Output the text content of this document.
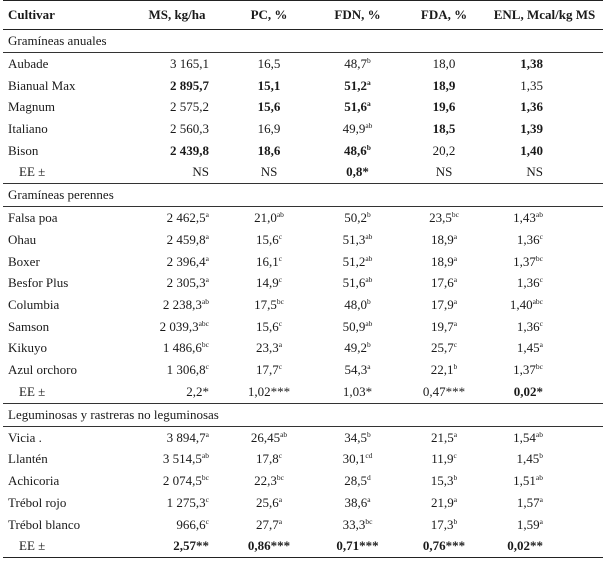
Cultivar	MS, kg/ha	PC, %	FDN, %	FDA, %	ENL, Mcal/kg MS
Gramíneas anuales					
Aubade	3 165,1	16,5	48,7$^b$	18,0	1,38
Bianual Max	2 895,7	15,1	51,2$^a$	18,9	1,35
Magnum	2 575,2	15,6	51,6$^a$	19,6	1,36
Italiano	2 560,3	16,9	49,9$^{ab}$	18,5	1,39
Bison	2 439,8	18,6	48,6$^b$	20,2	1,40
EE ±	NS	NS	0,8*	NS	NS
Gramíneas perennes					
Falsa poa	2 462,5$^a$	21,0$^{ab}$	50,2$^b$	23,5$^{bc}$	1,43$^{ab}$
Ohau	2 459,8$^a$	15,6$^c$	51,3$^{ab}$	18,9$^a$	1,36$^c$
Boxer	2 396,4$^a$	16,1$^c$	51,2$^{ab}$	18,9$^a$	1,37$^{bc}$
Besfor Plus	2 305,3$^a$	14,9$^c$	51,6$^{ab}$	17,6$^a$	1,36$^c$
Columbia	2 238,3$^{ab}$	17,5$^{bc}$	48,0$^b$	17,9$^a$	1,40$^{abc}$
Samson	2 039,3$^{abc}$	15,6$^c$	50,9$^{ab}$	19,7$^a$	1,36$^c$
Kikuyo	1 486,6$^{bc}$	23,3$^a$	49,2$^b$	25,7$^c$	1,45$^a$
Azul orchoro	1 306,8$^c$	17,7$^c$	54,3$^a$	22,1$^b$	1,37$^{bc}$
EE ±	2,2*	1,02***	1,03*	0,47***	0,02*
Leguminosas y rastreras no leguminosas					
Vicia .	3 894,7$^a$	26,45$^{ab}$	34,5$^b$	21,5$^a$	1,54$^{ab}$
Llantén	3 514,5$^{ab}$	17,8$^c$	30,1$^{cd}$	11,9$^c$	1,45$^b$
Achicoria	2 074,5$^{bc}$	22,3$^{bc}$	28,5$^d$	15,3$^b$	1,51$^{ab}$
Trébol rojo	1 275,3$^c$	25,6$^a$	38,6$^a$	21,9$^a$	1,57$^a$
Trébol blanco	966,6$^c$	27,7$^a$	33,3$^{bc}$	17,3$^b$	1,59$^a$
EE ±	2,57**	0,86***	0,71***	0,76***	0,02**
